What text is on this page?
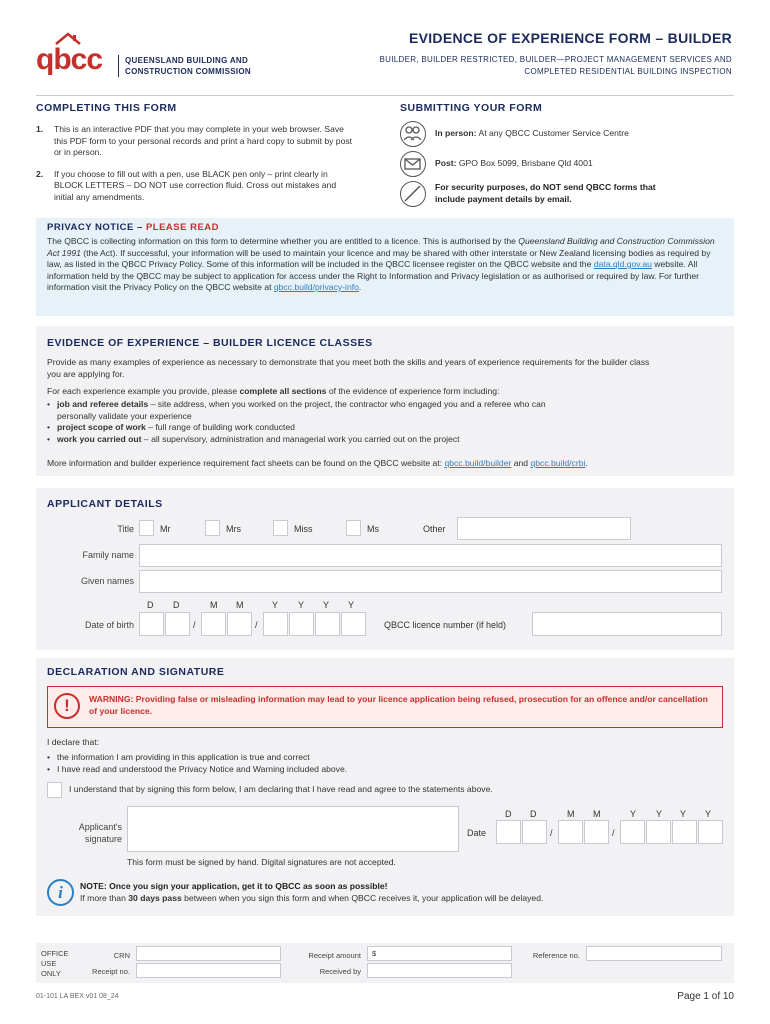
qbcc	QUEENSLAND BUILDING AND
CONSTRUCTION COMMISSION
EVIDENCE OF EXPERIENCE FORM – BUILDER
BUILDER, BUILDER RESTRICTED, BUILDER—PROJECT MANAGEMENT SERVICES AND COMPLETED RESIDENTIAL BUILDING INSPECTION
COMPLETING THIS FORM
1. This is an interactive PDF that you may complete in your web browser. Save this PDF form to your personal records and print a hard copy to submit by post or in person.
2. If you choose to fill out with a pen, use BLACK pen only – print clearly in BLOCK LETTERS – DO NOT use correction fluid. Cross out mistakes and initial any amendments.
SUBMITTING YOUR FORM
In person: At any QBCC Customer Service Centre
Post: GPO Box 5099, Brisbane Qld 4001
For security purposes, do NOT send QBCC forms that include payment details by email.
PRIVACY NOTICE – PLEASE READ
The QBCC is collecting information on this form to determine whether you are entitled to a licence. This is authorised by the Queensland Building and Construction Commission Act 1991 (the Act). If successful, your information will be used to maintain your licence and may be shared with other interstate or New Zealand licensing bodies as required by law, as listed in the QBCC Privacy Policy. Some of this information will be included in the QBCC licensee register on the QBCC website and the data.qld.gov.au website. All information held by the QBCC may be subject to application for access under the Right to Information and Privacy legislation or as authorised or required by law. For further information visit the Privacy Policy on the QBCC website at qbcc.build/privacy-info.
EVIDENCE OF EXPERIENCE – BUILDER LICENCE CLASSES
Provide as many examples of experience as necessary to demonstrate that you meet both the skills and years of experience requirements for the builder class you are applying for.
For each experience example you provide, please complete all sections of the evidence of experience form including:
• job and referee details – site address, when you worked on the project, the contractor who engaged you and a referee who can personally validate your experience
• project scope of work – full range of building work conducted
• work you carried out – all supervisory, administration and managerial work you carried out on the project
More information and builder experience requirement fact sheets can be found on the QBCC website at: qbcc.build/builder and qbcc.build/crbi.
APPLICANT DETAILS
Title	Mr	Mrs	Miss	Ms	Other
Family name
Given names
D D	M M	Y Y Y Y
Date of birth	/	/	QBCC licence number (if held)
DECLARATION AND SIGNATURE
!	WARNING: Providing false or misleading information may lead to your licence application being refused, prosecution for an offence and/or cancellation of your licence.
I declare that:
• the information I am providing in this application is true and correct
• I have read and understood the Privacy Notice and Warning included above.
I understand that by signing this form below, I am declaring that I have read and agree to the statements above.
Applicant's
signature
D D	M M	Y Y Y Y
Date	/	/
This form must be signed by hand. Digital signatures are not accepted.
i	NOTE: Once you sign your application, get it to QBCC as soon as possible!
If more than 30 days pass between when you sign this form and when QBCC receives it, your application will be delayed.
OFFICE
USE
ONLY
CRN
Receipt no.
Receipt amount $
Received by
Reference no.
01-101 LA BEX v01 08_24	Page 1 of 10
